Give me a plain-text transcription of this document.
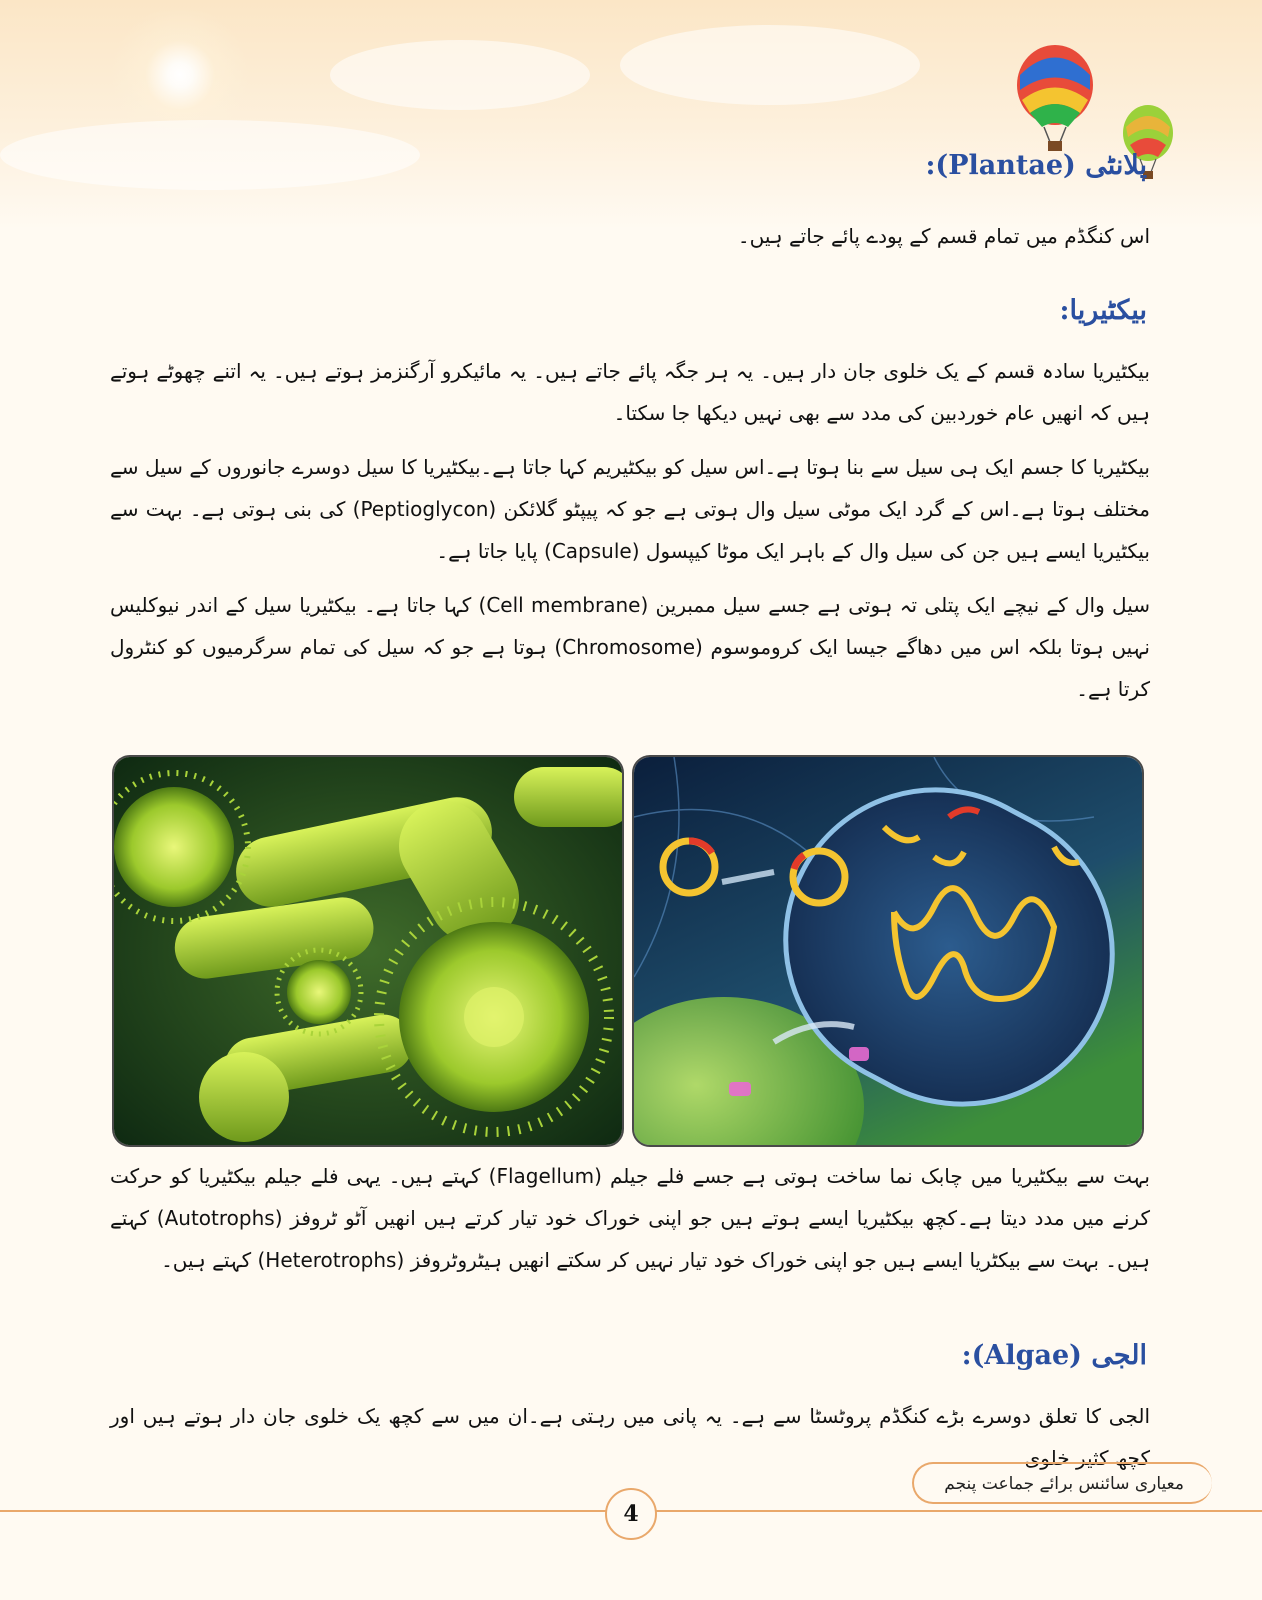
پلانٹی (Plantae):

اس کنگڈم میں تمام قسم کے پودے پائے جاتے ہیں۔

بیکٹیریا:

بیکٹیریا سادہ قسم کے یک خلوی جان دار ہیں۔ یہ ہر جگہ پائے جاتے ہیں۔ یہ مائیکرو آرگنزمز ہوتے ہیں۔ یہ اتنے چھوٹے ہوتے ہیں کہ انھیں عام خوردبین کی مدد سے بھی نہیں دیکھا جا سکتا۔

بیکٹیریا کا جسم ایک ہی سیل سے بنا ہوتا ہے۔اس سیل کو بیکٹیریم کہا جاتا ہے۔بیکٹیریا کا سیل دوسرے جانوروں کے سیل سے مختلف ہوتا ہے۔اس کے گرد ایک موٹی سیل وال ہوتی ہے جو کہ پیپٹو گلائکن (Peptioglycon) کی بنی ہوتی ہے۔ بہت سے بیکٹیریا ایسے ہیں جن کی سیل وال کے باہر ایک موٹا کیپسول (Capsule) پایا جاتا ہے۔

سیل وال کے نیچے ایک پتلی تہ ہوتی ہے جسے سیل ممبرین (Cell membrane) کہا جاتا ہے۔ بیکٹیریا سیل کے اندر نیوکلیس نہیں ہوتا بلکہ اس میں دھاگے جیسا ایک کروموسوم (Chromosome) ہوتا ہے جو کہ سیل کی تمام سرگرمیوں کو کنٹرول کرتا ہے۔

بہت سے بیکٹیریا میں چابک نما ساخت ہوتی ہے جسے فلے جیلم (Flagellum) کہتے ہیں۔ یہی فلے جیلم بیکٹیریا کو حرکت کرنے میں مدد دیتا ہے۔کچھ بیکٹیریا ایسے ہوتے ہیں جو اپنی خوراک خود تیار کرتے ہیں انھیں آٹو ٹروفز (Autotrophs) کہتے ہیں۔ بہت سے بیکٹریا ایسے ہیں جو اپنی خوراک خود تیار نہیں کر سکتے انھیں ہیٹروٹروفز (Heterotrophs) کہتے ہیں۔

الجی (Algae):

الجی کا تعلق دوسرے بڑے کنگڈم پروٹسٹا سے ہے۔ یہ پانی میں رہتی ہے۔ان میں سے کچھ یک خلوی جان دار ہوتے ہیں اور کچھ کثیر خلوی

معیاری سائنس برائے جماعت پنجم
4
